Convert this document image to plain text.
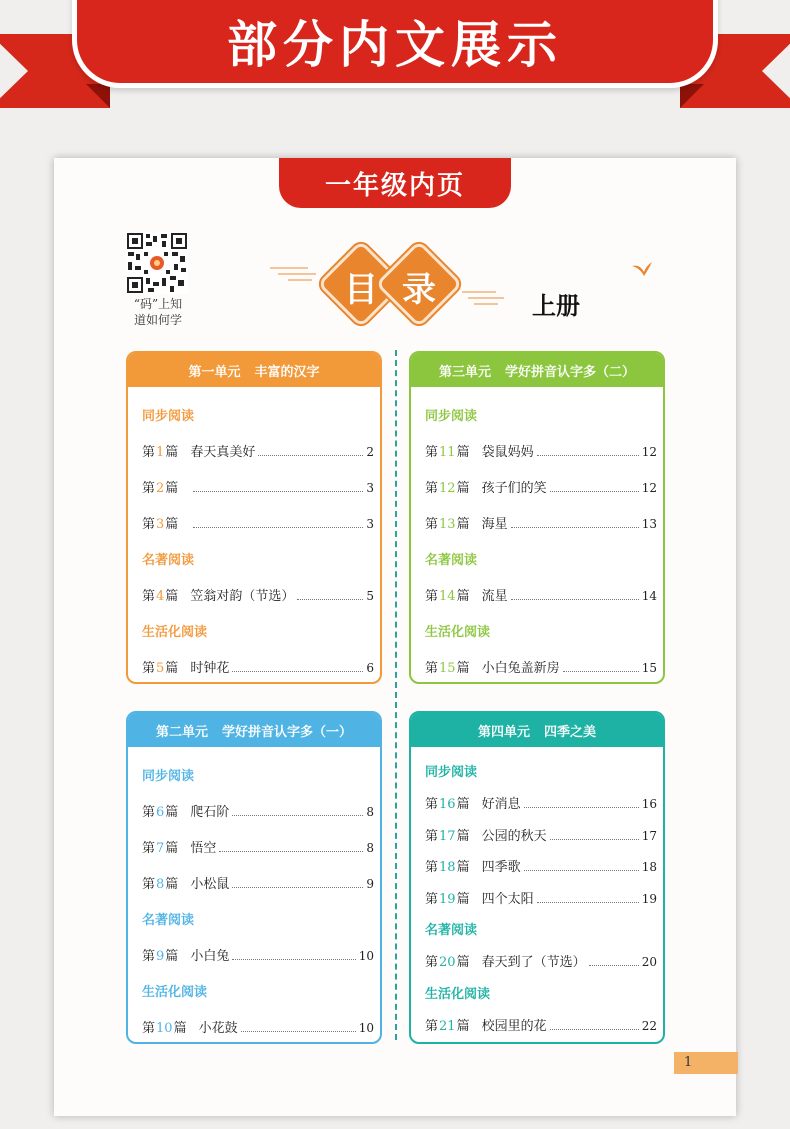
部分内文展示
一年级内页
“码”上知
道如何学
目 录	上册
第一单元 丰富的汉字
同步阅读
第1篇 春天真美好	2
第2篇	3
第3篇	3
名著阅读
第4篇 笠翁对韵（节选）	5
生活化阅读
第5篇 时钟花	6
第三单元 学好拼音认字多（二）
同步阅读
第11篇 袋鼠妈妈	12
第12篇 孩子们的笑	12
第13篇 海星	13
名著阅读
第14篇 流星	14
生活化阅读
第15篇 小白兔盖新房	15
第二单元 学好拼音认字多（一）
同步阅读
第6篇 爬石阶	8
第7篇 悟空	8
第8篇 小松鼠	9
名著阅读
第9篇 小白兔	10
生活化阅读
第10篇 小花鼓	10
第四单元 四季之美
同步阅读
第16篇 好消息	16
第17篇 公园的秋天	17
第18篇 四季歌	18
第19篇 四个太阳	19
名著阅读
第20篇 春天到了（节选）	20
生活化阅读
第21篇 校园里的花	22
1
